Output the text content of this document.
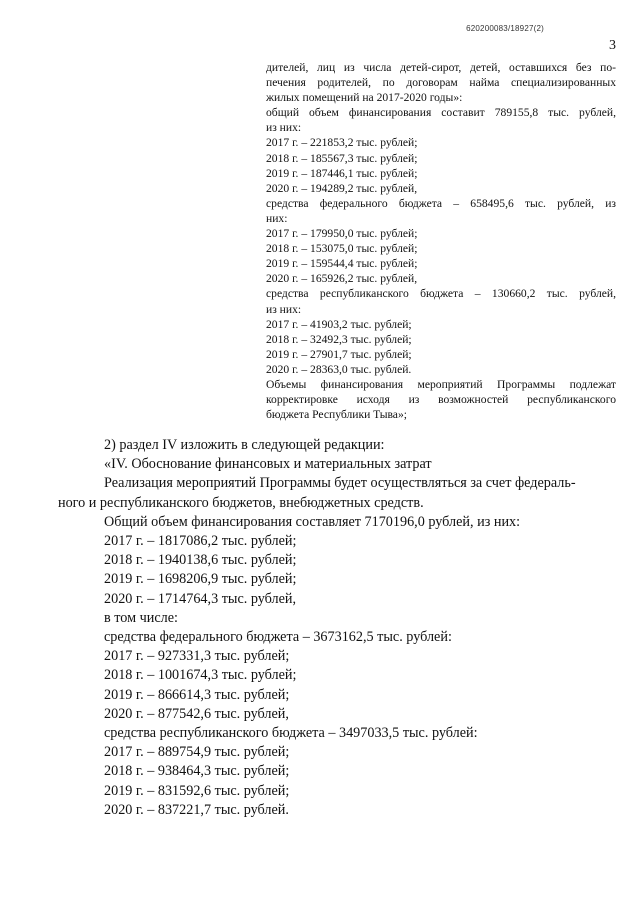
620200083/18927(2)
3
дителей, лиц из числа детей-сирот, детей, оставшихся без по-
печения родителей, по договорам найма специализированных
жилых помещений на 2017-2020 годы»:
общий объем финансирования составит 789155,8 тыс. рублей,
из них:
2017 г. – 221853,2 тыс. рублей;
2018 г. – 185567,3 тыс. рублей;
2019 г. – 187446,1 тыс. рублей;
2020 г. – 194289,2 тыс. рублей,
средства федерального бюджета – 658495,6 тыс. рублей, из
них:
2017 г. – 179950,0 тыс. рублей;
2018 г. – 153075,0 тыс. рублей;
2019 г. – 159544,4 тыс. рублей;
2020 г. – 165926,2 тыс. рублей,
средства республиканского бюджета – 130660,2 тыс. рублей,
из них:
2017 г. – 41903,2 тыс. рублей;
2018 г. – 32492,3 тыс. рублей;
2019 г. – 27901,7 тыс. рублей;
2020 г. – 28363,0 тыс. рублей.
Объемы финансирования мероприятий Программы подлежат
корректировке исходя из возможностей республиканского
бюджета Республики Тыва»;
2) раздел IV изложить в следующей редакции:
«IV. Обоснование финансовых и материальных затрат
Реализация мероприятий Программы будет осуществляться за счет федераль-
ного и республиканского бюджетов, внебюджетных средств.
Общий объем финансирования составляет 7170196,0 рублей, из них:
2017 г. – 1817086,2 тыс. рублей;
2018 г. – 1940138,6 тыс. рублей;
2019 г. – 1698206,9 тыс. рублей;
2020 г. – 1714764,3 тыс. рублей,
в том числе:
средства федерального бюджета – 3673162,5 тыс. рублей:
2017 г. – 927331,3 тыс. рублей;
2018 г. – 1001674,3 тыс. рублей;
2019 г. – 866614,3 тыс. рублей;
2020 г. – 877542,6 тыс. рублей,
средства республиканского бюджета – 3497033,5 тыс. рублей:
2017 г. – 889754,9 тыс. рублей;
2018 г. – 938464,3 тыс. рублей;
2019 г. – 831592,6 тыс. рублей;
2020 г. – 837221,7 тыс. рублей.
